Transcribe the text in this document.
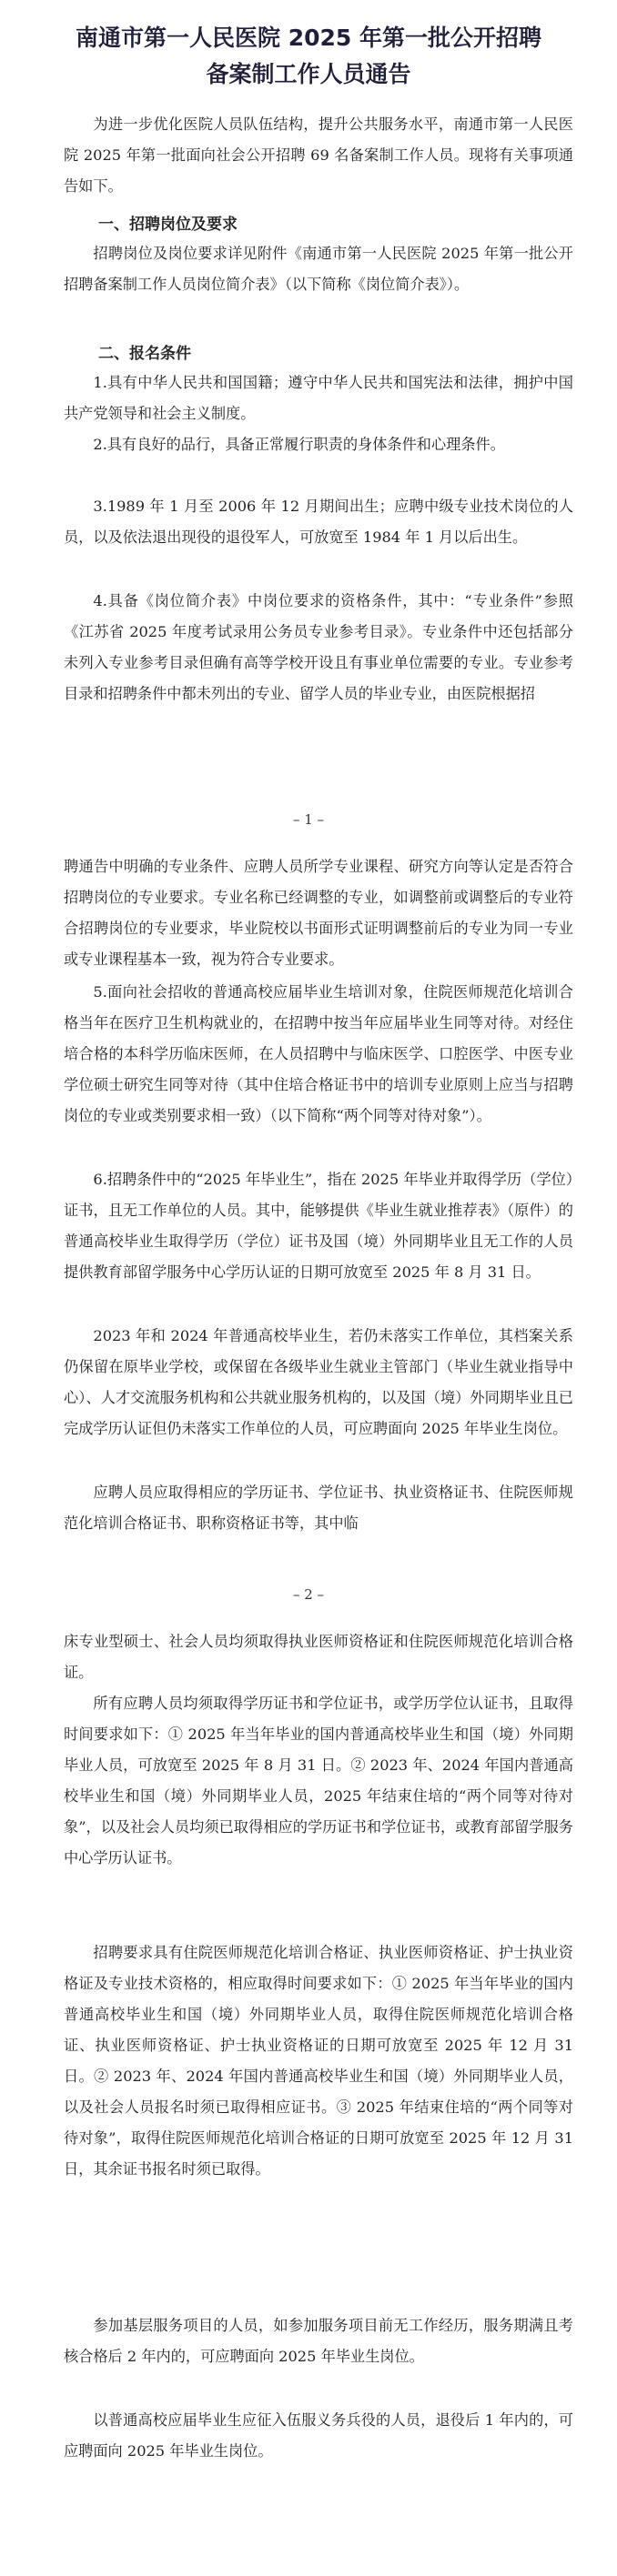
南通市第一人民医院 2025 年第一批公开招聘
备案制工作人员通告

为进一步优化医院人员队伍结构，提升公共服务水平，南通市第一人民医院 2025 年第一批面向社会公开招聘 69 名备案制工作人员。现将有关事项通告如下。

一、招聘岗位及要求

招聘岗位及岗位要求详见附件《南通市第一人民医院 2025 年第一批公开招聘备案制工作人员岗位简介表》（以下简称《岗位简介表》）。

二、报名条件

1.具有中华人民共和国国籍；遵守中华人民共和国宪法和法律，拥护中国共产党领导和社会主义制度。

2.具有良好的品行，具备正常履行职责的身体条件和心理条件。

3.1989 年 1 月至 2006 年 12 月期间出生；应聘中级专业技术岗位的人员，以及依法退出现役的退役军人，可放宽至 1984 年 1 月以后出生。

4.具备《岗位简介表》中岗位要求的资格条件，其中：“专业条件”参照《江苏省 2025 年度考试录用公务员专业参考目录》。专业条件中还包括部分未列入专业参考目录但确有高等学校开设且有事业单位需要的专业。专业参考目录和招聘条件中都未列出的专业、留学人员的毕业专业，由医院根据招

– 1 –

聘通告中明确的专业条件、应聘人员所学专业课程、研究方向等认定是否符合招聘岗位的专业要求。专业名称已经调整的专业，如调整前或调整后的专业符合招聘岗位的专业要求，毕业院校以书面形式证明调整前后的专业为同一专业或专业课程基本一致，视为符合专业要求。

5.面向社会招收的普通高校应届毕业生培训对象，住院医师规范化培训合格当年在医疗卫生机构就业的，在招聘中按当年应届毕业生同等对待。对经住培合格的本科学历临床医师，在人员招聘中与临床医学、口腔医学、中医专业学位硕士研究生同等对待（其中住培合格证书中的培训专业原则上应当与招聘岗位的专业或类别要求相一致）（以下简称“两个同等对待对象”）。

6.招聘条件中的“2025 年毕业生”，指在 2025 年毕业并取得学历（学位）证书，且无工作单位的人员。其中，能够提供《毕业生就业推荐表》（原件）的普通高校毕业生取得学历（学位）证书及国（境）外同期毕业且无工作的人员提供教育部留学服务中心学历认证的日期可放宽至 2025 年 8 月 31 日。

2023 年和 2024 年普通高校毕业生，若仍未落实工作单位，其档案关系仍保留在原毕业学校，或保留在各级毕业生就业主管部门（毕业生就业指导中心）、人才交流服务机构和公共就业服务机构的，以及国（境）外同期毕业且已完成学历认证但仍未落实工作单位的人员，可应聘面向 2025 年毕业生岗位。

应聘人员应取得相应的学历证书、学位证书、执业资格证书、住院医师规范化培训合格证书、职称资格证书等，其中临

– 2 –

床专业型硕士、社会人员均须取得执业医师资格证和住院医师规范化培训合格证。

所有应聘人员均须取得学历证书和学位证书，或学历学位认证书，且取得时间要求如下：① 2025 年当年毕业的国内普通高校毕业生和国（境）外同期毕业人员，可放宽至 2025 年 8 月 31 日。② 2023 年、2024 年国内普通高校毕业生和国（境）外同期毕业人员，2025 年结束住培的“两个同等对待对象”，以及社会人员均须已取得相应的学历证书和学位证书，或教育部留学服务中心学历认证书。

招聘要求具有住院医师规范化培训合格证、执业医师资格证、护士执业资格证及专业技术资格的，相应取得时间要求如下：① 2025 年当年毕业的国内普通高校毕业生和国（境）外同期毕业人员，取得住院医师规范化培训合格证、执业医师资格证、护士执业资格证的日期可放宽至 2025 年 12 月 31 日。② 2023 年、2024 年国内普通高校毕业生和国（境）外同期毕业人员，以及社会人员报名时须已取得相应证书。③ 2025 年结束住培的“两个同等对待对象”，取得住院医师规范化培训合格证的日期可放宽至 2025 年 12 月 31 日，其余证书报名时须已取得。

参加基层服务项目的人员，如参加服务项目前无工作经历，服务期满且考核合格后 2 年内的，可应聘面向 2025 年毕业生岗位。

以普通高校应届毕业生应征入伍服义务兵役的人员，退役后 1 年内的，可应聘面向 2025 年毕业生岗位。
